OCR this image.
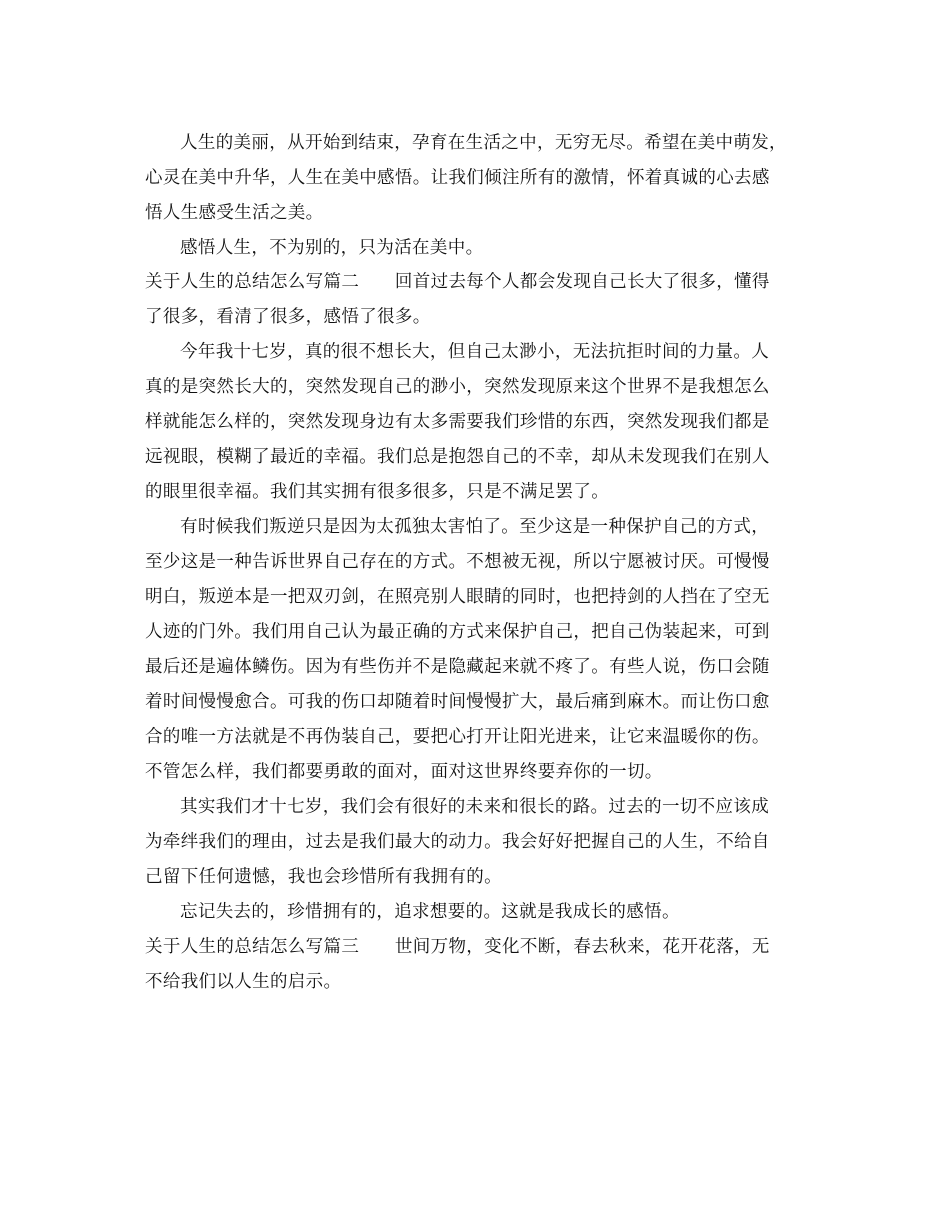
人生的美丽，从开始到结束，孕育在生活之中，无穷无尽。希望在美中萌发，
心灵在美中升华，人生在美中感悟。让我们倾注所有的激情，怀着真诚的心去感
悟人生感受生活之美。
感悟人生，不为别的，只为活在美中。
关于人生的总结怎么写篇二　　回首过去每个人都会发现自己长大了很多，懂得
了很多，看清了很多，感悟了很多。
今年我十七岁，真的很不想长大，但自己太渺小，无法抗拒时间的力量。人
真的是突然长大的，突然发现自己的渺小，突然发现原来这个世界不是我想怎么
样就能怎么样的，突然发现身边有太多需要我们珍惜的东西，突然发现我们都是
远视眼，模糊了最近的幸福。我们总是抱怨自己的不幸，却从未发现我们在别人
的眼里很幸福。我们其实拥有很多很多，只是不满足罢了。
有时候我们叛逆只是因为太孤独太害怕了。至少这是一种保护自己的方式，
至少这是一种告诉世界自己存在的方式。不想被无视，所以宁愿被讨厌。可慢慢
明白，叛逆本是一把双刃剑，在照亮别人眼睛的同时，也把持剑的人挡在了空无
人迹的门外。我们用自己认为最正确的方式来保护自己，把自己伪装起来，可到
最后还是遍体鳞伤。因为有些伤并不是隐藏起来就不疼了。有些人说，伤口会随
着时间慢慢愈合。可我的伤口却随着时间慢慢扩大，最后痛到麻木。而让伤口愈
合的唯一方法就是不再伪装自己，要把心打开让阳光进来，让它来温暖你的伤。
不管怎么样，我们都要勇敢的面对，面对这世界终要弃你的一切。
其实我们才十七岁，我们会有很好的未来和很长的路。过去的一切不应该成
为牵绊我们的理由，过去是我们最大的动力。我会好好把握自己的人生，不给自
己留下任何遗憾，我也会珍惜所有我拥有的。
忘记失去的，珍惜拥有的，追求想要的。这就是我成长的感悟。
关于人生的总结怎么写篇三　　世间万物，变化不断，春去秋来，花开花落，无
不给我们以人生的启示。
